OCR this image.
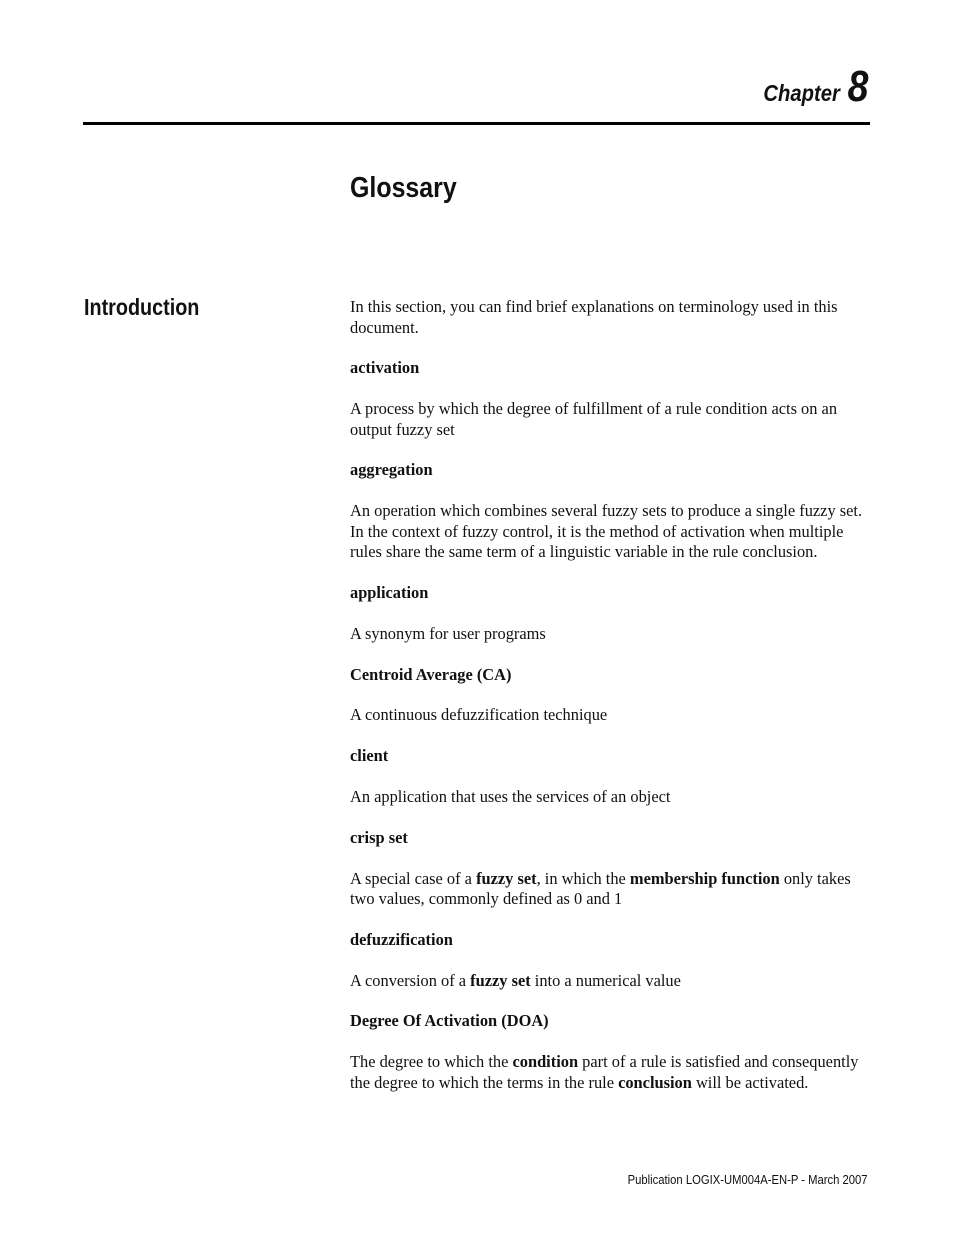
Chapter 8
Glossary
Introduction	In this section, you can find brief explanations on terminology used in this document.

activation

A process by which the degree of fulfillment of a rule condition acts on an output fuzzy set

aggregation

An operation which combines several fuzzy sets to produce a single fuzzy set. In the context of fuzzy control, it is the method of activation when multiple rules share the same term of a linguistic variable in the rule conclusion.

application

A synonym for user programs

Centroid Average (CA)

A continuous defuzzification technique

client

An application that uses the services of an object

crisp set

A special case of a fuzzy set, in which the membership function only takes two values, commonly defined as 0 and 1

defuzzification

A conversion of a fuzzy set into a numerical value

Degree Of Activation (DOA)

The degree to which the condition part of a rule is satisfied and consequently the degree to which the terms in the rule conclusion will be activated.

Publication LOGIX-UM004A-EN-P - March 2007
